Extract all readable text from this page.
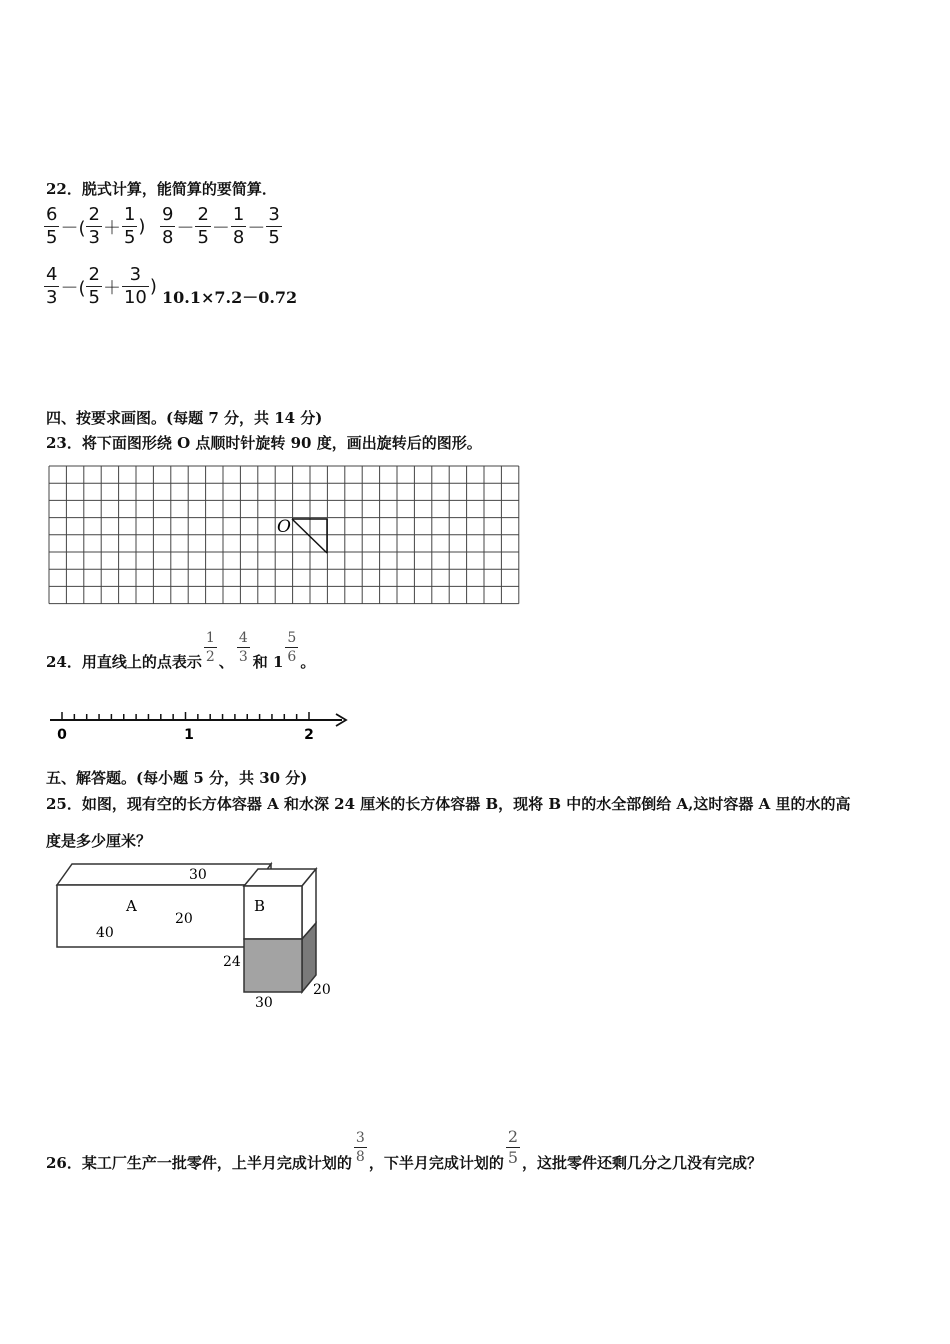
22．脱式计算，能简算的要简算．
$\frac{6}{5}$ －( $\frac{2}{3} + \frac{1}{5}$ ) $\frac{9}{8} - \frac{2}{5} - \frac{1}{8} - \frac{3}{5}$
$\frac{4}{3}$ －( $\frac{2}{5} + \frac{3}{10}$ )
10.1×7.2－0.72
四、按要求画图。(每题 7 分，共 14 分)
23．将下面图形绕 O 点顺时针旋转 90 度，画出旋转后的图形。
O
24．用直线上的点表示 $\frac{1}{2}$ 、 $\frac{4}{3}$ 和 $1 \frac{5}{6}$ 。
0	1	2
五、解答题。(每小题 5 分，共 30 分)
25．如图，现有空的长方体容器 A 和水深 24 厘米的长方体容器 B，现将 B 中的水全部倒给 A,这时容器 A 里的水的高
度是多少厘米？
A
40
30
20
B
24
30
20
26．某工厂生产一批零件，上半月完成计划的 $\frac{3}{8}$ ，下半月完成计划的 $\frac{2}{5}$ ，这批零件还剩几分之几没有完成？
